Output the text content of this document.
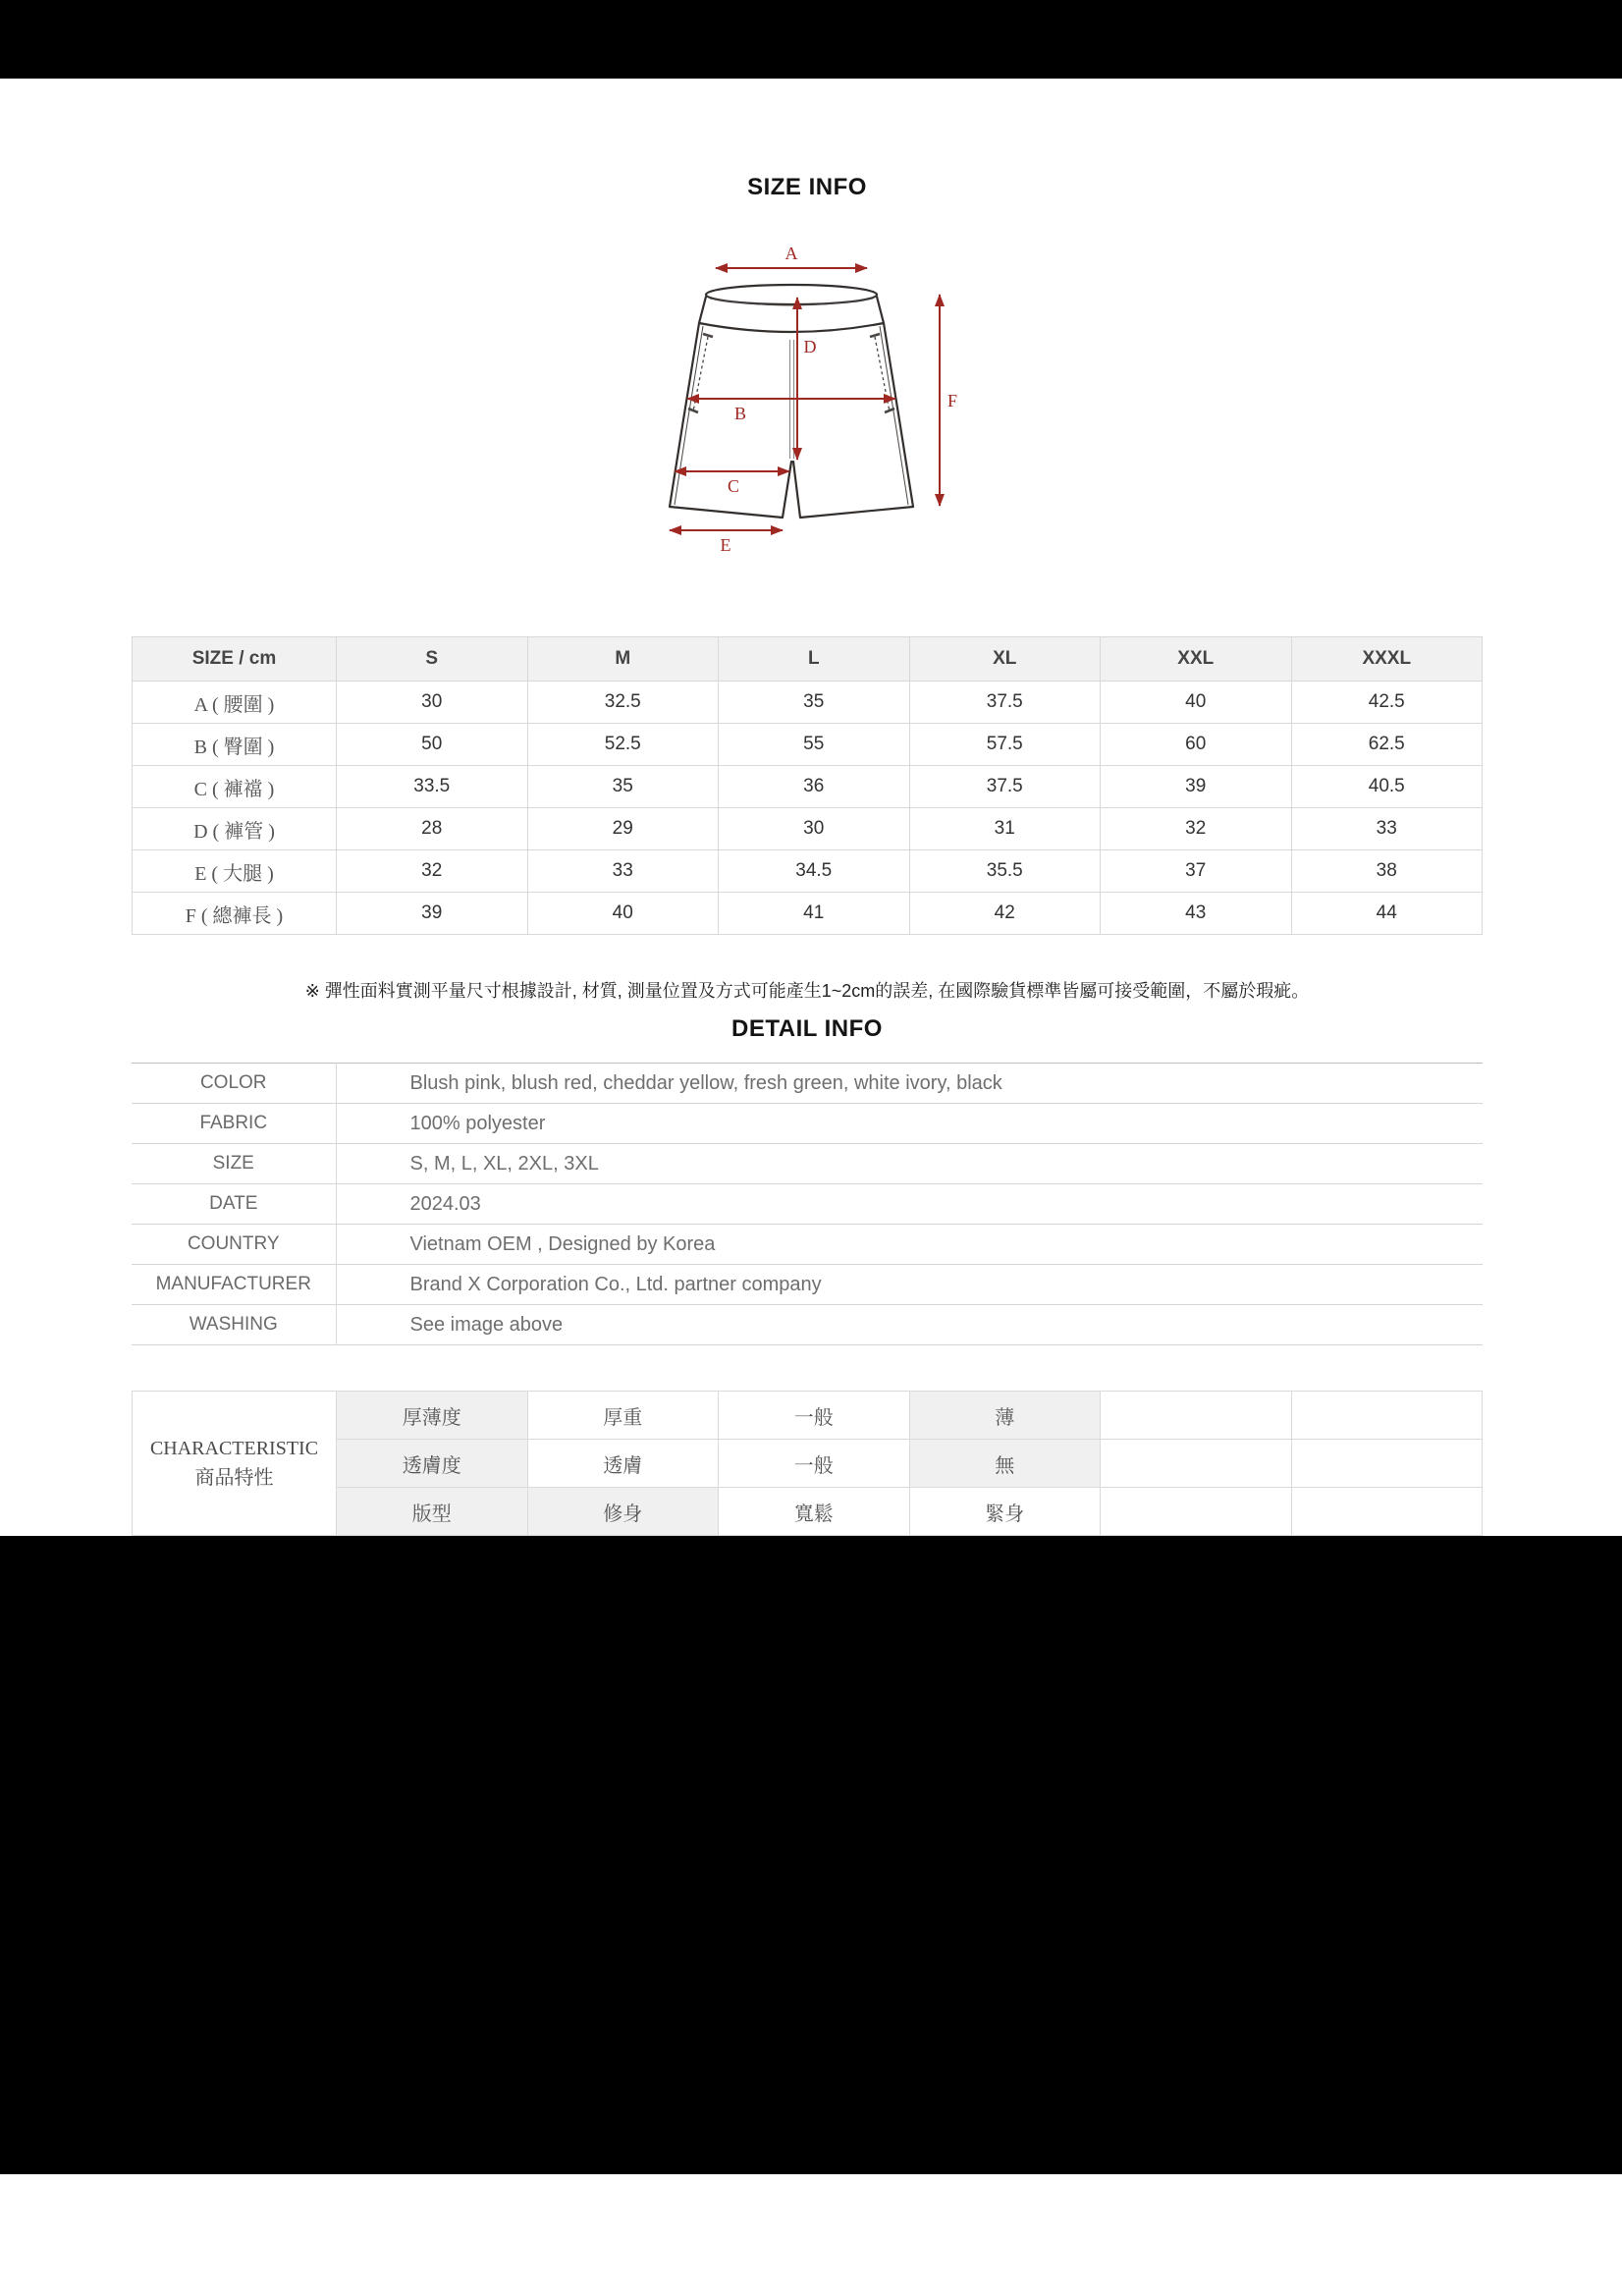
SIZE INFO
A
D
B
C
E
F
SIZE / cm	S	M	L	XL	XXL	XXXL
A ( 腰圍 )	30	32.5	35	37.5	40	42.5
B ( 臀圍 )	50	52.5	55	57.5	60	62.5
C ( 褲襠 )	33.5	35	36	37.5	39	40.5
D ( 褲管 )	28	29	30	31	32	33
E ( 大腿 )	32	33	34.5	35.5	37	38
F ( 總褲長 )	39	40	41	42	43	44

※ 彈性面料實測平量尺寸根據設計, 材質, 測量位置及方式可能產生1~2cm的誤差, 在國際驗貨標準皆屬可接受範圍，不屬於瑕疵。

DETAIL INFO
COLOR	Blush pink, blush red, cheddar yellow, fresh green, white ivory, black
FABRIC	100% polyester
SIZE	S, M, L, XL, 2XL, 3XL
DATE	2024.03
COUNTRY	Vietnam OEM , Designed by Korea
MANUFACTURER	Brand X Corporation Co., Ltd. partner company
WASHING	See image above
CHARACTERISTIC
商品特性	厚薄度	厚重	一般	薄		
	透膚度	透膚	一般	無		
	版型	修身	寬鬆	緊身		
